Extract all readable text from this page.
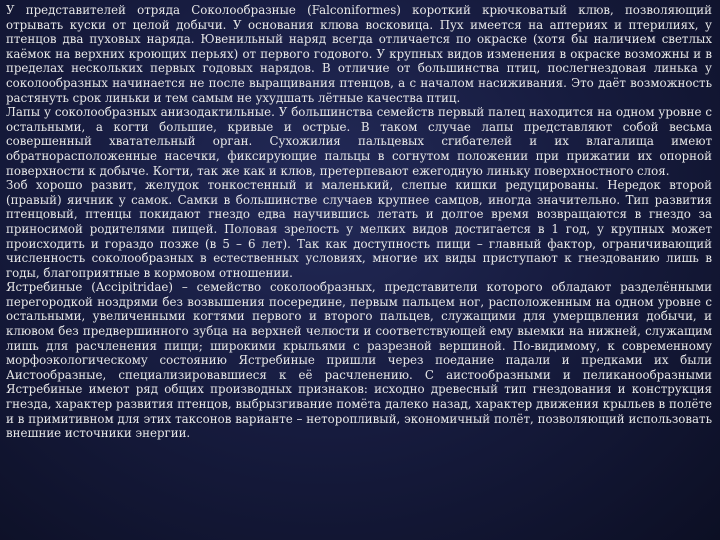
У представителей отряда Соколообразные (Falconiformes) короткий крючковатый клюв, позволяющий отрывать куски от целой добычи. У основания клюва восковица. Пух имеется на аптериях и птерилиях, у птенцов два пуховых наряда. Ювенильный наряд всегда отличается по окраске (хотя бы наличием светлых каёмок на верхних кроющих перьях) от первого годового. У крупных видов изменения в окраске возможны и в пределах нескольких первых годовых нарядов. В отличие от большинства птиц, послегнездовая линька у соколообразных начинается не после выращивания птенцов, а с началом насиживания. Это даёт возможность растянуть срок линьки и тем самым не ухудшать лётные качества птиц.

Лапы у соколообразных анизодактильные. У большинства семейств первый палец находится на одном уровне с остальными, а когти большие, кривые и острые. В таком случае лапы представляют собой весьма совершенный хватательный орган. Сухожилия пальцевых сгибателей и их влагалища имеют обратнорасположенные насечки, фиксирующие пальцы в согнутом положении при прижатии их опорной поверхности к добыче. Когти, так же как и клюв, претерпевают ежегодную линьку поверхностного слоя.

Зоб хорошо развит, желудок тонкостенный и маленький, слепые кишки редуцированы. Нередок второй (правый) яичник у самок. Самки в большинстве случаев крупнее самцов, иногда значительно. Тип развития птенцовый, птенцы покидают гнездо едва научившись летать и долгое время возвращаются в гнездо за приносимой родителями пищей. Половая зрелость у мелких видов достигается в 1 год, у крупных может происходить и гораздо позже (в 5 – 6 лет). Так как доступность пищи – главный фактор, ограничивающий численность соколообразных в естественных условиях, многие их виды приступают к гнездованию лишь в годы, благоприятные в кормовом отношении.

Ястребиные (Accipitridae) – семейство соколообразных, представители которого обладают разделёнными перегородкой ноздрями без возвышения посередине, первым пальцем ног, расположенным на одном уровне с остальными, увеличенными когтями первого и второго пальцев, служащими для умерщвления добычи, и клювом без предвершинного зубца на верхней челюсти и соответствующей ему выемки на нижней, служащим лишь для расчленения пищи; широкими крыльями с разрезной вершиной. По-видимому, к современному морфоэкологическому состоянию Ястребиные пришли через поедание падали и предками их были Аистообразные, специализировавшиеся к её расчленению. С аистообразными и пеликанообразными Ястребиные имеют ряд общих производных признаков: исходно древесный тип гнездования и конструкция гнезда, характер развития птенцов, выбрызгивание помёта далеко назад, характер движения крыльев в полёте и в примитивном для этих таксонов варианте – неторопливый, экономичный полёт, позволяющий использовать внешние источники энергии.
